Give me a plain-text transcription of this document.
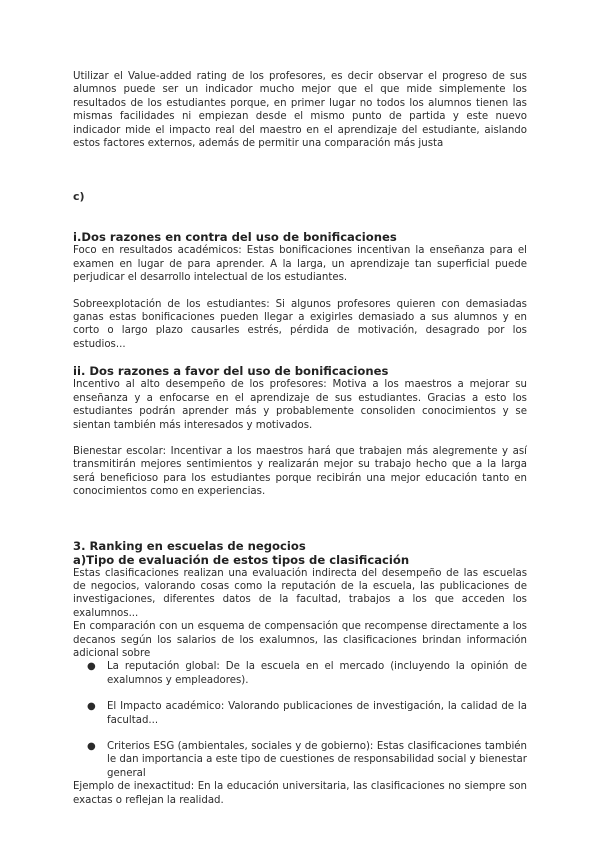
Utilizar el Value-added rating de los profesores, es decir observar el progreso de sus alumnos puede ser un indicador mucho mejor que el que mide simplemente los resultados de los estudiantes porque, en primer lugar no todos los alumnos tienen las mismas facilidades ni empiezan desde el mismo punto de partida y este nuevo indicador mide el impacto real del maestro en el aprendizaje del estudiante, aislando estos factores externos, además de permitir una comparación más justa

c)

i.Dos razones en contra del uso de bonificaciones

Foco en resultados académicos: Estas bonificaciones incentivan la enseñanza para el examen en lugar de para aprender. A la larga, un aprendizaje tan superficial puede perjudicar el desarrollo intelectual de los estudiantes.

Sobreexplotación de los estudiantes: Si algunos profesores quieren con demasiadas ganas estas bonificaciones pueden llegar a exigirles demasiado a sus alumnos y en corto o largo plazo causarles estrés, pérdida de motivación, desagrado por los estudios...

ii. Dos razones a favor del uso de bonificaciones

Incentivo al alto desempeño de los profesores: Motiva a los maestros a mejorar su enseñanza y a enfocarse en el aprendizaje de sus estudiantes. Gracias a esto los estudiantes podrán aprender más y probablemente consoliden conocimientos y se sientan también más interesados y motivados.

Bienestar escolar: Incentivar a los maestros hará que trabajen más alegremente y así transmitirán mejores sentimientos y realizarán mejor su trabajo hecho que a la larga será beneficioso para los estudiantes porque recibirán una mejor educación tanto en conocimientos como en experiencias.

3. Ranking en escuelas de negocios
a)Tipo de evaluación de estos tipos de clasificación

Estas clasificaciones realizan una evaluación indirecta del desempeño de las escuelas de negocios, valorando cosas como la reputación de la escuela, las publicaciones de investigaciones, diferentes datos de la facultad, trabajos a los que acceden los exalumnos...

En comparación con un esquema de compensación que recompense directamente a los decanos según los salarios de los exalumnos, las clasificaciones brindan información adicional sobre

● La reputación global: De la escuela en el mercado (incluyendo la opinión de exalumnos y empleadores).
● El Impacto académico: Valorando publicaciones de investigación, la calidad de la facultad...
● Criterios ESG (ambientales, sociales y de gobierno): Estas clasificaciones también le dan importancia a este tipo de cuestiones de responsabilidad social y bienestar general

Ejemplo de inexactitud: En la educación universitaria, las clasificaciones no siempre son exactas o reflejan la realidad.
